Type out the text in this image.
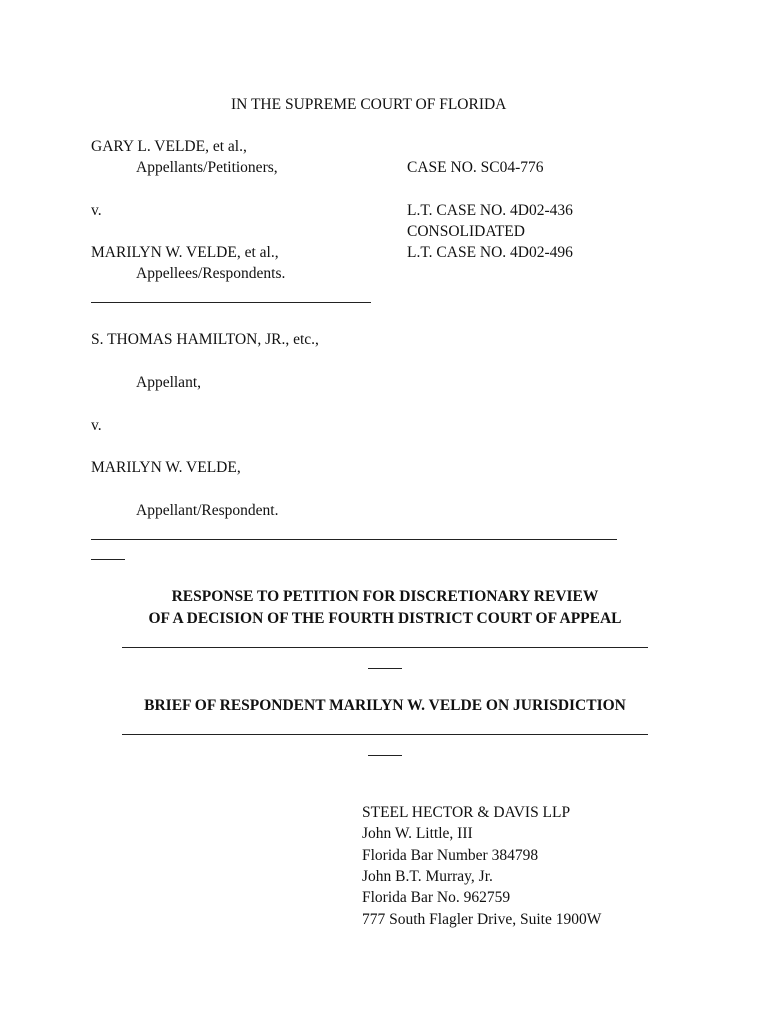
IN THE SUPREME COURT OF FLORIDA
GARY L. VELDE, et al.,
Appellants/Petitioners,
v.
MARILYN W. VELDE, et al.,
Appellees/Respondents.
CASE NO. SC04-776
L.T. CASE NO. 4D02-436
CONSOLIDATED
L.T. CASE NO. 4D02-496
S. THOMAS HAMILTON, JR., etc.,
Appellant,
v.
MARILYN W. VELDE,
Appellant/Respondent.
RESPONSE TO PETITION FOR DISCRETIONARY REVIEW
OF A DECISION OF THE FOURTH DISTRICT COURT OF APPEAL
BRIEF OF RESPONDENT MARILYN W. VELDE ON JURISDICTION
STEEL HECTOR & DAVIS LLP
John W. Little, III
Florida Bar Number 384798
John B.T. Murray, Jr.
Florida Bar No. 962759
777 South Flagler Drive, Suite 1900W
